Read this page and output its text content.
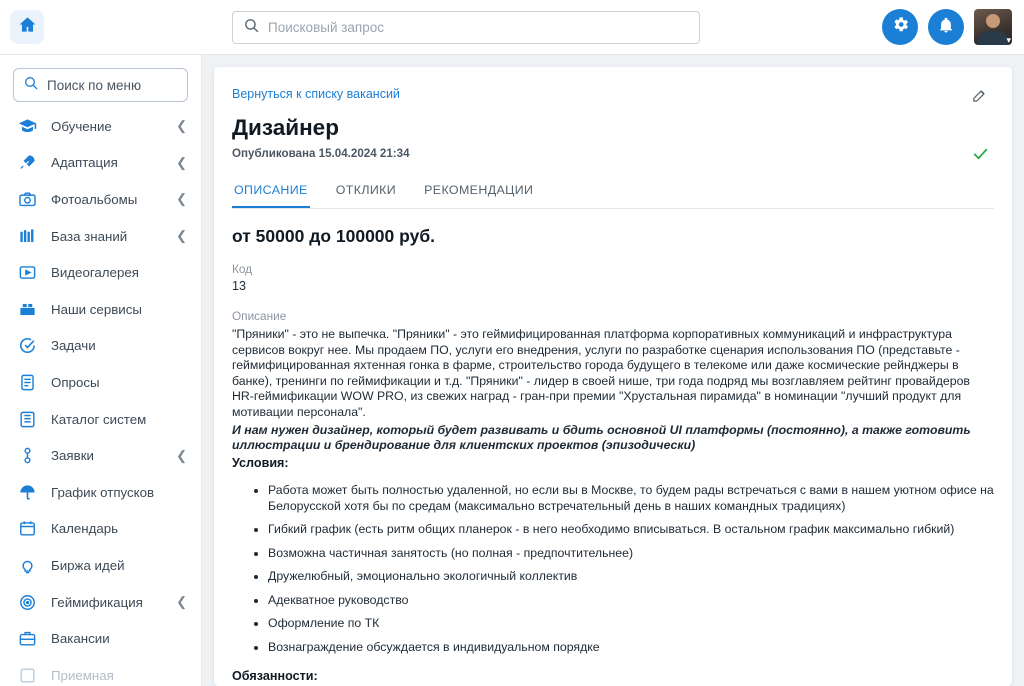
Поисковый запрос
▾
Поиск по меню
Обучение	❮
Адаптация	❮
Фотоальбомы	❮
База знаний	❮
Видеогалерея
Наши сервисы
Задачи
Опросы
Каталог систем
Заявки	❮
График отпусков
Календарь
Биржа идей
Геймификация	❮
Вакансии
Приемная
Вернуться к списку вакансий
Дизайнер
Опубликована 15.04.2024 21:34
ОПИСАНИЕ ОТКЛИКИ РЕКОМЕНДАЦИИ
от 50000 до 100000 руб.
Код
13
Описание
"Пряники" - это не выпечка. "Пряники" - это геймифицированная платформа корпоративных коммуникаций и инфраструктура сервисов вокруг нее. Мы продаем ПО, услуги его внедрения, услуги по разработке сценария использования ПО (представьте - геймифицированная яхтенная гонка в фарме, строительство города будущего в телекоме или даже космические рейнджеры в банке), тренинги по геймификации и т.д. "Пряники" - лидер в своей нише, три года подряд мы возглавляем рейтинг провайдеров HR-геймификации WOW PRO, из свежих наград - гран-при премии "Хрустальная пирамида" в номинации "лучший продукт для мотивации персонала".
И нам нужен дизайнер, который будет развивать и бдить основной UI платформы (постоянно), а также готовить иллюстрации и брендирование для клиентских проектов (эпизодически)
Условия:
• Работа может быть полностью удаленной, но если вы в Москве, то будем рады встречаться с вами в нашем уютном офисе на Белорусской хотя бы по средам (максимально встречательный день в наших командных традициях)
• Гибкий график (есть ритм общих планерок - в него необходимо вписываться. В остальном график максимально гибкий)
• Возможна частичная занятость (но полная - предпочтительнее)
• Дружелюбный, эмоционально экологичный коллектив
• Адекватное руководство
• Оформление по ТК
• Вознаграждение обсуждается в индивидуальном порядке
Обязанности:
